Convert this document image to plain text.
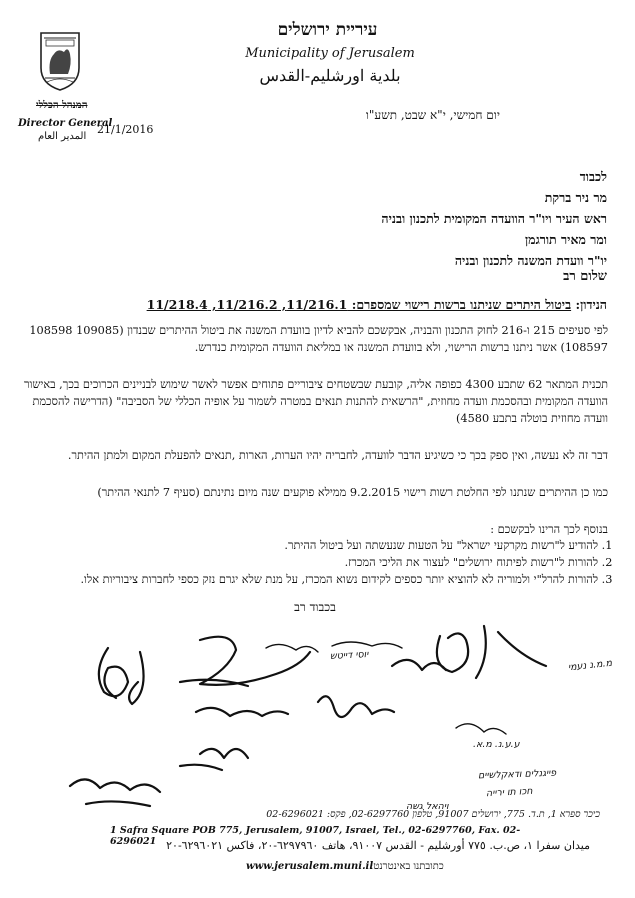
עיריית ירושלים
Municipality of Jerusalem
بلدية اورشليم-القدس
המנהל הכללי
Director General
المدير العام
יום חמישי, י"א שבט, תשע"ו
21/1/2016
לכבוד
מר ניר ברקת
ראש העיר ויו"ר הוועדה המקומית לתכנון ובניה
ומר מאיר תורגמן
יו"ר וועדת המשנה לתכנון ובניה
שלום רב
הנידון: ביטול היתרים שניתנו ברשות רישוי שמספרם: 11/216.1, 11/216.2, 11/218.4
לפי סעיפים 215 ו-216 לחוק התכנון והבניה, אבקשכם להביא לדיון בוועדת המשנה את ביטול ההיתרים שבנדון (109085 108598 108597) אשר ניתנו ברשות הרישוי, ולא בוועדת המשנה או במליאת הוועדה המקומית כנדרש.
תכנית המתאר 62 שתבע 4300 כפופה אליה, קובעת שבשטחים ציבוריים פתוחים אפשר לאשר שימוש לבניינים הכרוכים בכך, באישור הוועדה המקומית ובהסכמת וועדה מחוזית, "הרשאית להתנות תנאים במטרה לשמור על אופיה הכללי של הסביבה" (הדרישה להסכמת וועדה מחוזית בוטלה בתבע 4580)
דבר זה לא נעשה, ואין ספק בכך כי כשיגיע הדבר לוועדה, לחבריה יהיו הערות, הארות ,תנאים להפעלת המקום ולמתן ההיתר.
כמו כן ההיתרים שנתנו לפי החלטת רשות רישוי 9.2.2015 ממילא פוקעים שנה מיום נתינתם (סעיף 7 לתנאי ההיתר)
בנוסף לכך הרינו לבקשכם :
1. להודיע ל"רשות מקרקעי ישראל" על הטעות שנעשתה ועל ביטול ההיתר.
2. להורות ל"רשות לפיתוח ירושלים" לעצור את הליכי המכרז.
3. להורות להרל"י ולמוריה לא להוציא יותר כספים לקידום נשוא המכרז, על מנת שלא יגרם נזק כספי לחברות ציבוריות אלו.
בכבוד רב
יוסי דייטש
מ.מ.נ נעמי
ע.ע.נ. מ.א.
פייגנלים ודאקלשיים
חכו תו ירייה
ויהאל גשה
כיכר ספרא 1, ת.ד. 775, ירושלים 91007, טלפון 02-6297760, פקס: 02-6296021
1 Safra Square POB 775, Jerusalem, 91007, Israel, Tel., 02-6297760, Fax. 02-6296021 ميدان سفرا ١، ص.ب. ٧٧٥ أورشليم - القدس ٩١٠٠٧، هاتف ٦٢٩٧٩٦٠-٢٠، فاكس ٦٢٩٦٠٢١-٢٠
www.jerusalem.muni.il
כתובתנו באינטרנט:
